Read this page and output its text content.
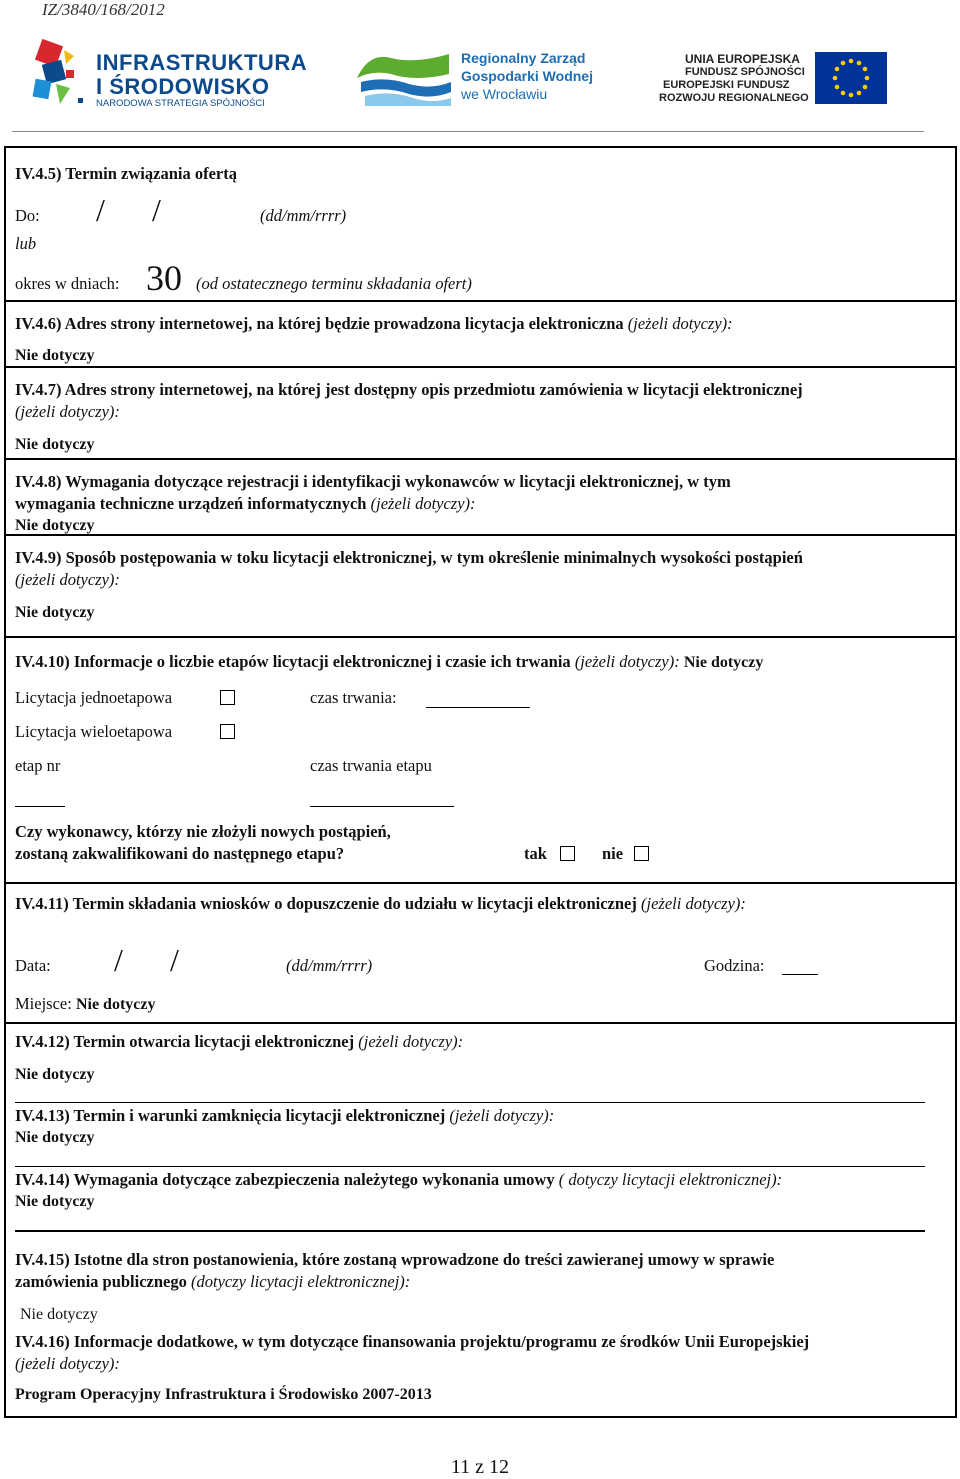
IZ/3840/168/2012
INFRASTRUKTURA
I ŚRODOWISKO
NARODOWA STRATEGIA SPÓJNOŚCI
Regionalny Zarząd
Gospodarki Wodnej
we Wrocławiu
UNIA EUROPEJSKA
FUNDUSZ SPÓJNOŚCI
EUROPEJSKI FUNDUSZ
ROZWOJU REGIONALNEGO
IV.4.5) Termin związania ofertą
Do: / /	(dd/mm/rrrr)
lub
okres w dniach: 30 (od ostatecznego terminu składania ofert)
IV.4.6) Adres strony internetowej, na której będzie prowadzona licytacja elektroniczna (jeżeli dotyczy):
Nie dotyczy
IV.4.7) Adres strony internetowej, na której jest dostępny opis przedmiotu zamówienia w licytacji elektronicznej
(jeżeli dotyczy):
Nie dotyczy
IV.4.8) Wymagania dotyczące rejestracji i identyfikacji wykonawców w licytacji elektronicznej, w tym
wymagania techniczne urządzeń informatycznych (jeżeli dotyczy):
Nie dotyczy
IV.4.9) Sposób postępowania w toku licytacji elektronicznej, w tym określenie minimalnych wysokości postąpień
(jeżeli dotyczy):
Nie dotyczy
IV.4.10) Informacje o liczbie etapów licytacji elektronicznej i czasie ich trwania (jeżeli dotyczy): Nie dotyczy
Licytacja jednoetapowa	czas trwania:
Licytacja wieloetapowa
etap nr	czas trwania etapu
Czy wykonawcy, którzy nie złożyli nowych postąpień,
zostaną zakwalifikowani do następnego etapu?	tak	nie
IV.4.11) Termin składania wniosków o dopuszczenie do udziału w licytacji elektronicznej (jeżeli dotyczy):
Data: / /	(dd/mm/rrrr)	Godzina:
Miejsce: Nie dotyczy
IV.4.12) Termin otwarcia licytacji elektronicznej (jeżeli dotyczy):
Nie dotyczy
IV.4.13) Termin i warunki zamknięcia licytacji elektronicznej (jeżeli dotyczy):
Nie dotyczy
IV.4.14) Wymagania dotyczące zabezpieczenia należytego wykonania umowy ( dotyczy licytacji elektronicznej):
Nie dotyczy
IV.4.15) Istotne dla stron postanowienia, które zostaną wprowadzone do treści zawieranej umowy w sprawie
zamówienia publicznego (dotyczy licytacji elektronicznej):
Nie dotyczy
IV.4.16) Informacje dodatkowe, w tym dotyczące finansowania projektu/programu ze środków Unii Europejskiej
(jeżeli dotyczy):
Program Operacyjny Infrastruktura i Środowisko 2007-2013
11 z 12
